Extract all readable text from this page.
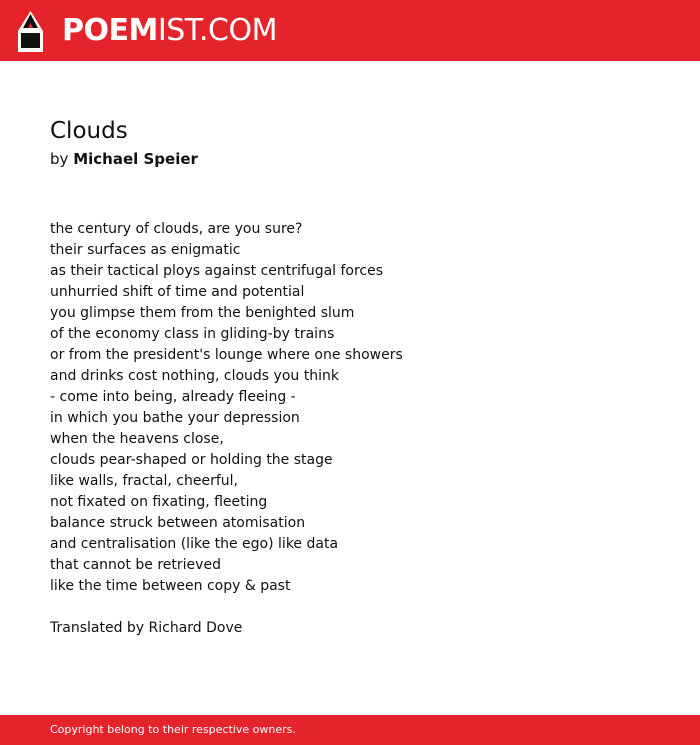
POEMIST.COM
Clouds

by Michael Speier

the century of clouds, are you sure?
their surfaces as enigmatic
as their tactical ploys against centrifugal forces
unhurried shift of time and potential
you glimpse them from the benighted slum
of the economy class in gliding-by trains
or from the president's lounge where one showers
and drinks cost nothing, clouds you think
- come into being, already fleeing -
in which you bathe your depression
when the heavens close,
clouds pear-shaped or holding the stage
like walls, fractal, cheerful,
not fixated on fixating, fleeting
balance struck between atomisation
and centralisation (like the ego) like data
that cannot be retrieved
like the time between copy & past
Translated by Richard Dove
Copyright belong to their respective owners.
